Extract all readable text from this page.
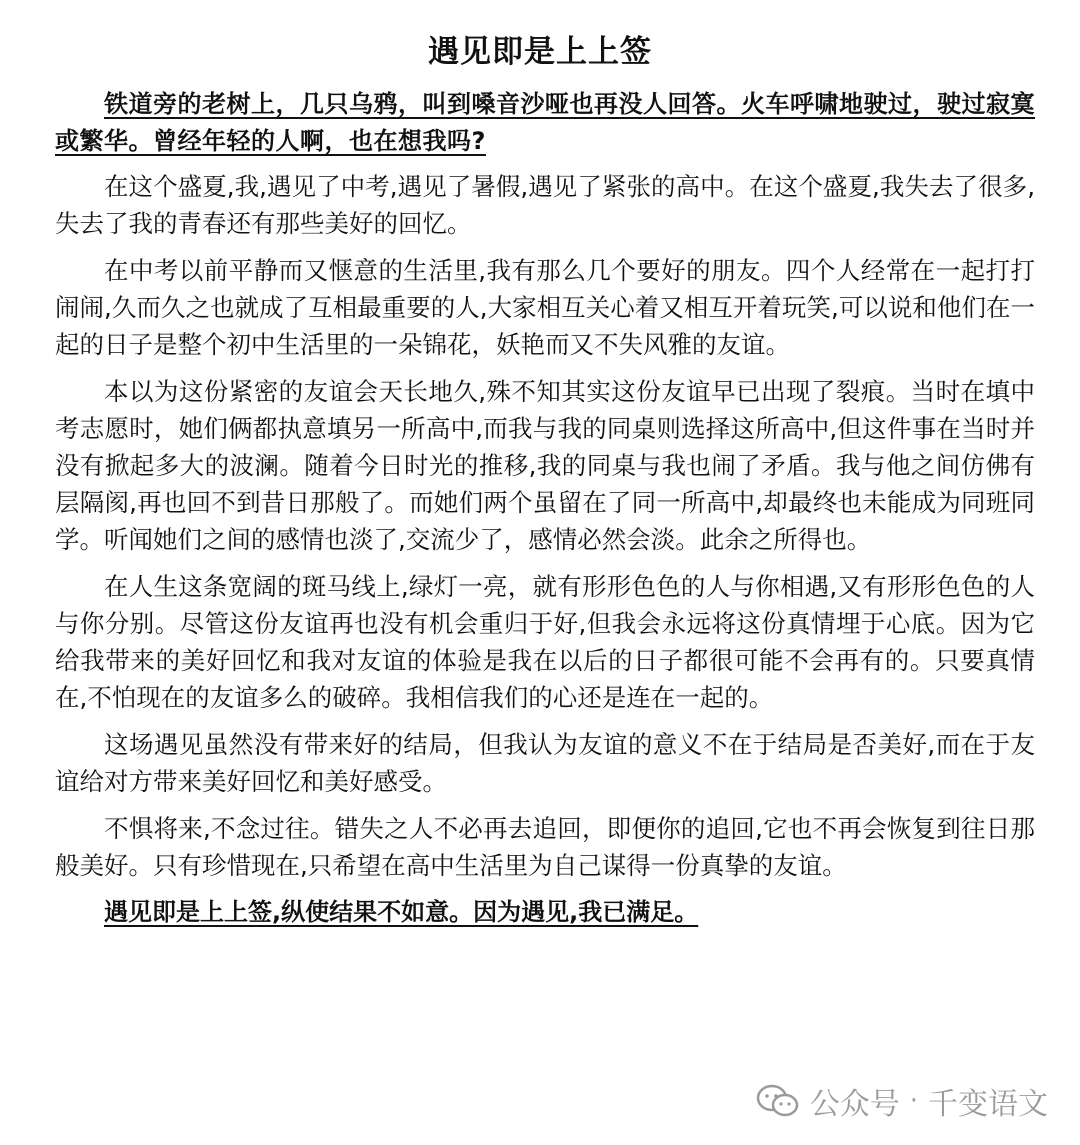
遇见即是上上签

铁道旁的老树上，几只乌鸦，叫到嗓音沙哑也再没人回答。火车呼啸地驶过，驶过寂寞或繁华。曾经年轻的人啊，也在想我吗?

在这个盛夏,我,遇见了中考,遇见了暑假,遇见了紧张的高中。在这个盛夏,我失去了很多,失去了我的青春还有那些美好的回忆。

在中考以前平静而又惬意的生活里,我有那么几个要好的朋友。四个人经常在一起打打闹闹,久而久之也就成了互相最重要的人,大家相互关心着又相互开着玩笑,可以说和他们在一起的日子是整个初中生活里的一朵锦花，妖艳而又不失风雅的友谊。

本以为这份紧密的友谊会天长地久,殊不知其实这份友谊早已出现了裂痕。当时在填中考志愿时，她们俩都执意填另一所高中,而我与我的同桌则选择这所高中,但这件事在当时并没有掀起多大的波澜。随着今日时光的推移,我的同桌与我也闹了矛盾。我与他之间仿佛有层隔阂,再也回不到昔日那般了。而她们两个虽留在了同一所高中,却最终也未能成为同班同学。听闻她们之间的感情也淡了,交流少了，感情必然会淡。此余之所得也。

在人生这条宽阔的斑马线上,绿灯一亮，就有形形色色的人与你相遇,又有形形色色的人与你分别。尽管这份友谊再也没有机会重归于好,但我会永远将这份真情埋于心底。因为它给我带来的美好回忆和我对友谊的体验是我在以后的日子都很可能不会再有的。只要真情在,不怕现在的友谊多么的破碎。我相信我们的心还是连在一起的。

这场遇见虽然没有带来好的结局，但我认为友谊的意义不在于结局是否美好,而在于友谊给对方带来美好回忆和美好感受。

不惧将来,不念过往。错失之人不必再去追回，即便你的追回,它也不再会恢复到往日那般美好。只有珍惜现在,只希望在高中生活里为自己谋得一份真挚的友谊。

遇见即是上上签,纵使结果不如意。因为遇见,我已满足。

公众号 · 千变语文
